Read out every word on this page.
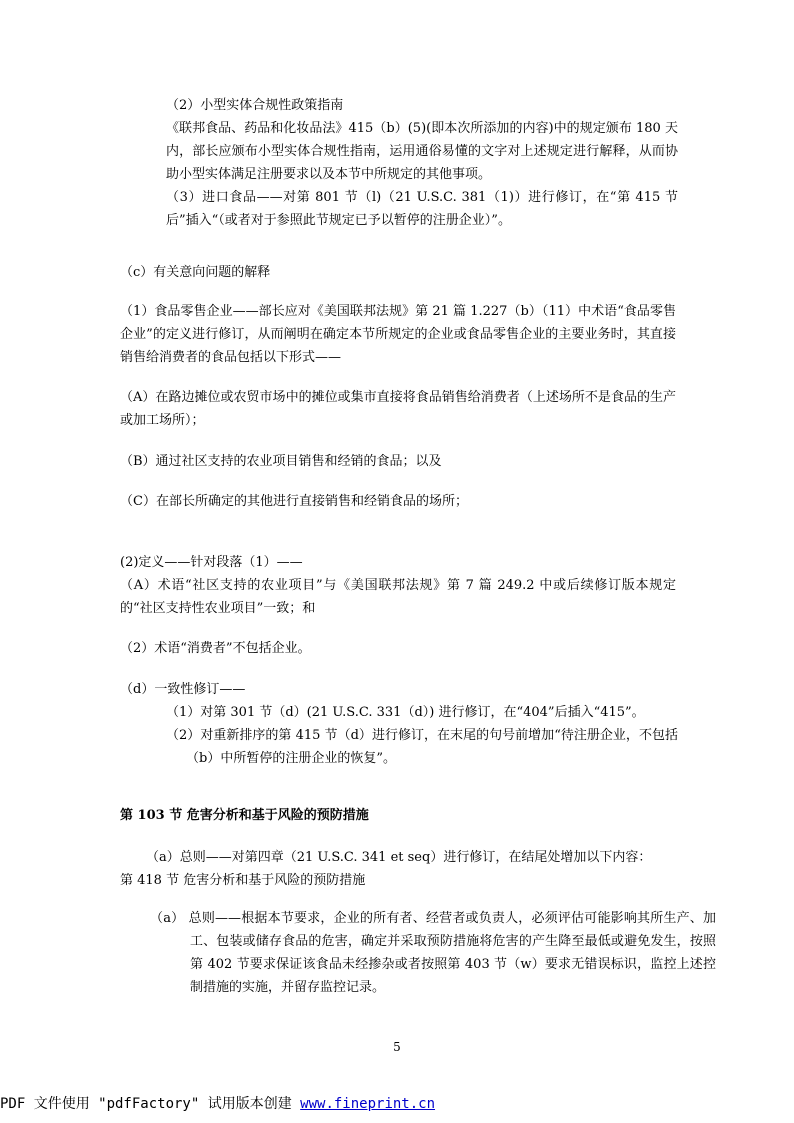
（2）小型实体合规性政策指南

《联邦食品、药品和化妆品法》415（b）(5)(即本次所添加的内容)中的规定颁布 180 天内，部长应颁布小型实体合规性指南，运用通俗易懂的文字对上述规定进行解释，从而协助小型实体满足注册要求以及本节中所规定的其他事项。

（3）进口食品——对第 801 节（l)（21 U.S.C. 381（1)）进行修订，在“第 415 节后”插入“（或者对于参照此节规定已予以暂停的注册企业）”。

（c）有关意向问题的解释

（1）食品零售企业——部长应对《美国联邦法规》第 21 篇 1.227（b）（11）中术语“食品零售企业”的定义进行修订，从而阐明在确定本节所规定的企业或食品零售企业的主要业务时，其直接销售给消费者的食品包括以下形式——

（A）在路边摊位或农贸市场中的摊位或集市直接将食品销售给消费者（上述场所不是食品的生产或加工场所）；

（B）通过社区支持的农业项目销售和经销的食品；以及

（C）在部长所确定的其他进行直接销售和经销食品的场所；

(2)定义——针对段落（1）——

（A）术语“社区支持的农业项目”与《美国联邦法规》第 7 篇 249.2 中或后续修订版本规定的“社区支持性农业项目”一致；和

（2）术语“消费者”不包括企业。

（d）一致性修订——

（1）对第 301 节（d）(21 U.S.C. 331（d）) 进行修订，在“404”后插入“415”。

（2）对重新排序的第 415 节（d）进行修订，在末尾的句号前增加“待注册企业，不包括（b）中所暂停的注册企业的恢复”。

第 103 节 危害分析和基于风险的预防措施

（a）总则——对第四章（21 U.S.C. 341 et seq）进行修订，在结尾处增加以下内容：

第 418 节 危害分析和基于风险的预防措施

（a） 总则——根据本节要求，企业的所有者、经营者或负责人，必须评估可能影响其所生产、加工、包装或储存食品的危害，确定并采取预防措施将危害的产生降至最低或避免发生，按照第 402 节要求保证该食品未经掺杂或者按照第 403 节（w）要求无错误标识，监控上述控制措施的实施，并留存监控记录。

5
PDF 文件使用 "pdfFactory" 试用版本创建 www.fineprint.cn
